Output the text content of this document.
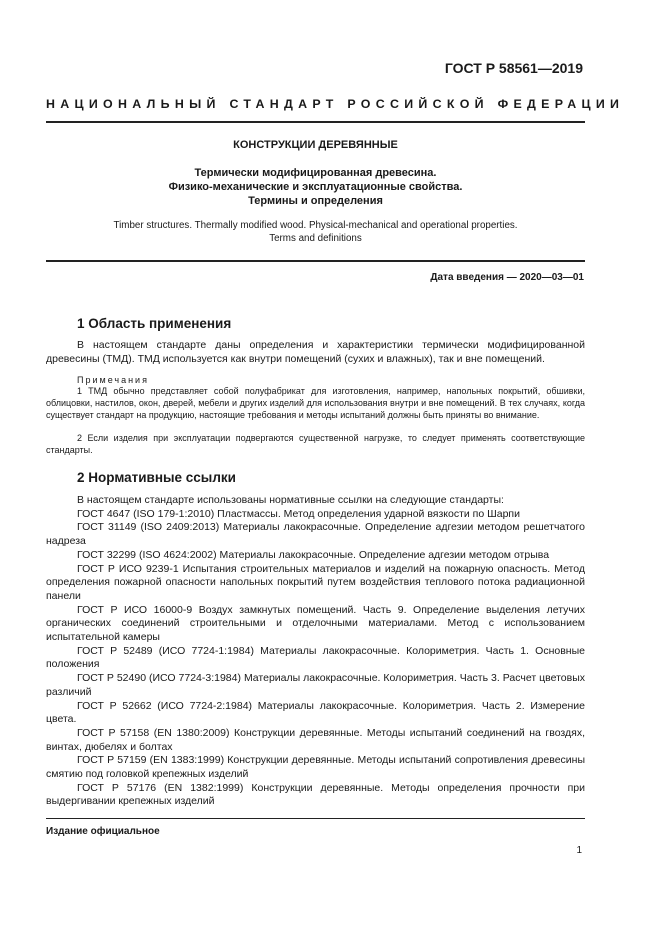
ГОСТ Р 58561—2019
НАЦИОНАЛЬНЫЙ СТАНДАРТ РОССИЙСКОЙ ФЕДЕРАЦИИ
КОНСТРУКЦИИ ДЕРЕВЯННЫЕ
Термически модифицированная древесина.
Физико-механические и эксплуатационные свойства.
Термины и определения
Timber structures. Thermally modified wood. Physical-mechanical and operational properties.
Terms and definitions
Дата введения — 2020—03—01
1 Область применения
В настоящем стандарте даны определения и характеристики термически модифицированной древесины (ТМД). ТМД используется как внутри помещений (сухих и влажных), так и вне помещений.
Примечания
1 ТМД обычно представляет собой полуфабрикат для изготовления, например, напольных покрытий, обшивки, облицовки, настилов, окон, дверей, мебели и других изделий для использования внутри и вне помещений. В тех случаях, когда существует стандарт на продукцию, настоящие требования и методы испытаний должны быть приняты во внимание.
2 Если изделия при эксплуатации подвергаются существенной нагрузке, то следует применять соответствующие стандарты.
2 Нормативные ссылки

В настоящем стандарте использованы нормативные ссылки на следующие стандарты:

ГОСТ 4647 (ISO 179-1:2010) Пластмассы. Метод определения ударной вязкости по Шарпи

ГОСТ 31149 (ISO 2409:2013) Материалы лакокрасочные. Определение адгезии методом решетчатого надреза

ГОСТ 32299 (ISO 4624:2002) Материалы лакокрасочные. Определение адгезии методом отрыва

ГОСТ Р ИСО 9239-1 Испытания строительных материалов и изделий на пожарную опасность. Метод определения пожарной опасности напольных покрытий путем воздействия теплового потока радиационной панели

ГОСТ Р ИСО 16000-9 Воздух замкнутых помещений. Часть 9. Определение выделения летучих органических соединений строительными и отделочными материалами. Метод с использованием испытательной камеры

ГОСТ Р 52489 (ИСО 7724-1:1984) Материалы лакокрасочные. Колориметрия. Часть 1. Основные положения

ГОСТ Р 52490 (ИСО 7724-3:1984) Материалы лакокрасочные. Колориметрия. Часть 3. Расчет цветовых различий

ГОСТ Р 52662 (ИСО 7724-2:1984) Материалы лакокрасочные. Колориметрия. Часть 2. Измерение цвета.

ГОСТ Р 57158 (EN 1380:2009) Конструкции деревянные. Методы испытаний соединений на гвоздях, винтах, дюбелях и болтах

ГОСТ Р 57159 (EN 1383:1999) Конструкции деревянные. Методы испытаний сопротивления древесины смятию под головкой крепежных изделий

ГОСТ Р 57176 (EN 1382:1999) Конструкции деревянные. Методы определения прочности при выдергивании крепежных изделий

Издание официальное
1
